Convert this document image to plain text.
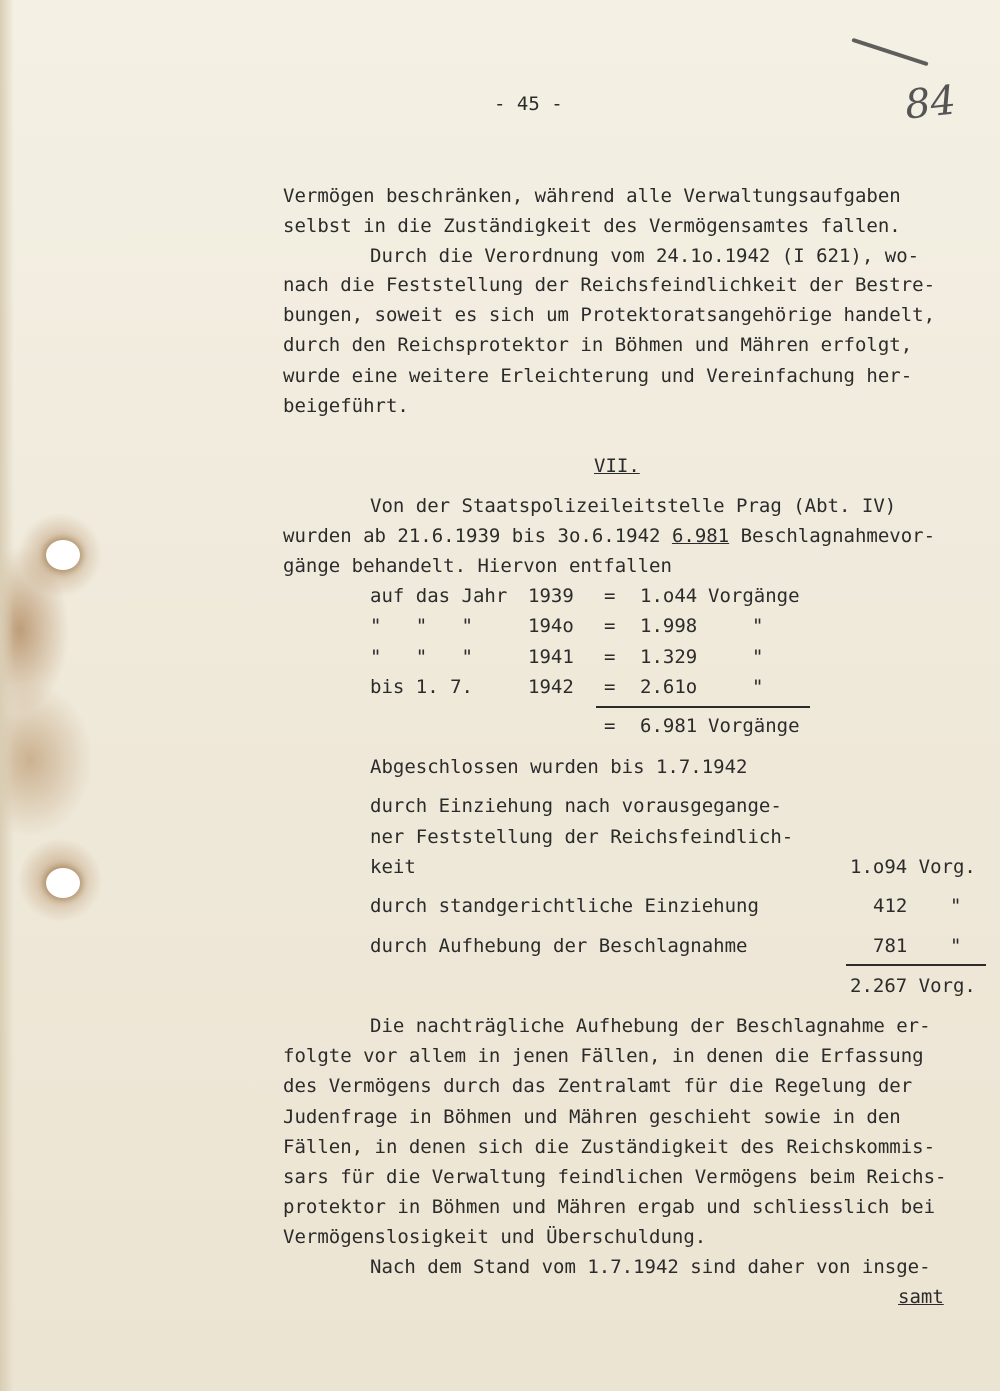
- 45 -	84
Vermögen beschränken, während alle Verwaltungsaufgaben
selbst in die Zuständigkeit des Vermögensamtes fallen.
Durch die Verordnung vom 24.1o.1942 (I 621), wo-
nach die Feststellung der Reichsfeindlichkeit der Bestre-
bungen, soweit es sich um Protektoratsangehörige handelt,
durch den Reichsprotektor in Böhmen und Mähren erfolgt,
wurde eine weitere Erleichterung und Vereinfachung her-
beigeführt.
VII.
Von der Staatspolizeileitstelle Prag (Abt. IV)
wurden ab 21.6.1939 bis 3o.6.1942 6.981 Beschlagnahmevor-
gänge behandelt. Hiervon entfallen
auf das Jahr 1939 = 1.o44 Vorgänge
"   "   "	194o = 1.998	"
"   "   "	1941 = 1.329	"
bis 1. 7.	1942 = 2.61o	"
= 6.981 Vorgänge
Abgeschlossen wurden bis 1.7.1942
durch Einziehung nach vorausgegange-
ner Feststellung der Reichsfeindlich-
keit	1.o94 Vorg.
durch standgerichtliche Einziehung	412 "
durch Aufhebung der Beschlagnahme	781 "
2.267 Vorg.
Die nachträgliche Aufhebung der Beschlagnahme er-
folgte vor allem in jenen Fällen, in denen die Erfassung
des Vermögens durch das Zentralamt für die Regelung der
Judenfrage in Böhmen und Mähren geschieht sowie in den
Fällen, in denen sich die Zuständigkeit des Reichskommis-
sars für die Verwaltung feindlichen Vermögens beim Reichs-
protektor in Böhmen und Mähren ergab und schliesslich bei
Vermögenslosigkeit und Überschuldung.
Nach dem Stand vom 1.7.1942 sind daher von insge-
samt
